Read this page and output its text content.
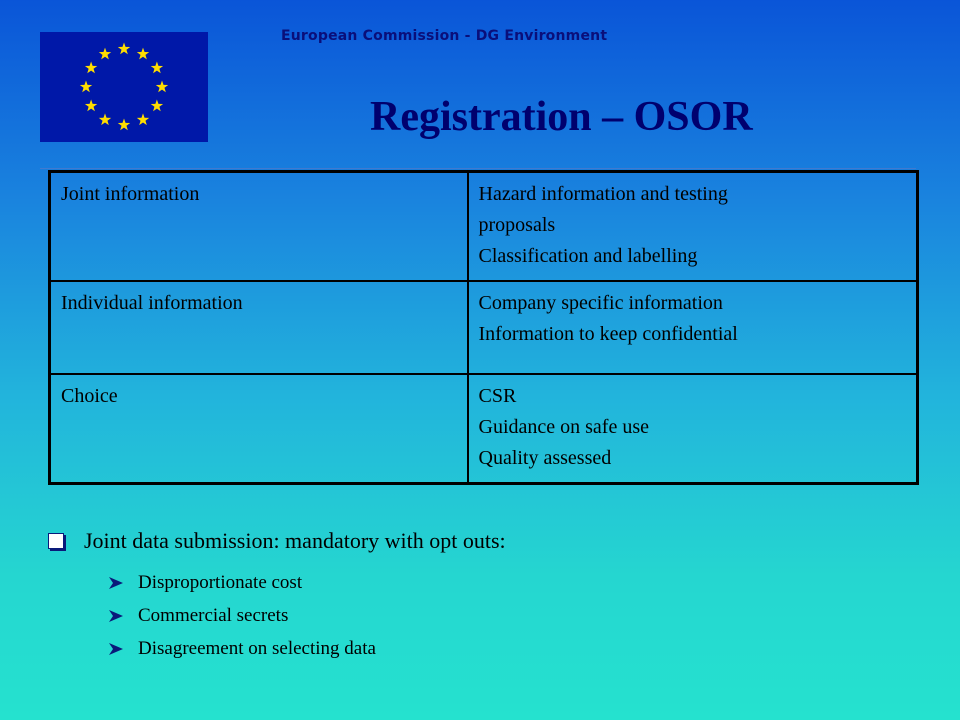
European Commission - DG Environment
Registration – OSOR
Joint information	Hazard information and testing
proposals
Classification and labelling

Individual information	Company specific information
Information to keep confidential

Choice	CSR
Guidance on safe use
Quality assessed
Joint data submission: mandatory with opt outs:
Disproportionate cost
Commercial secrets
Disagreement on selecting data
